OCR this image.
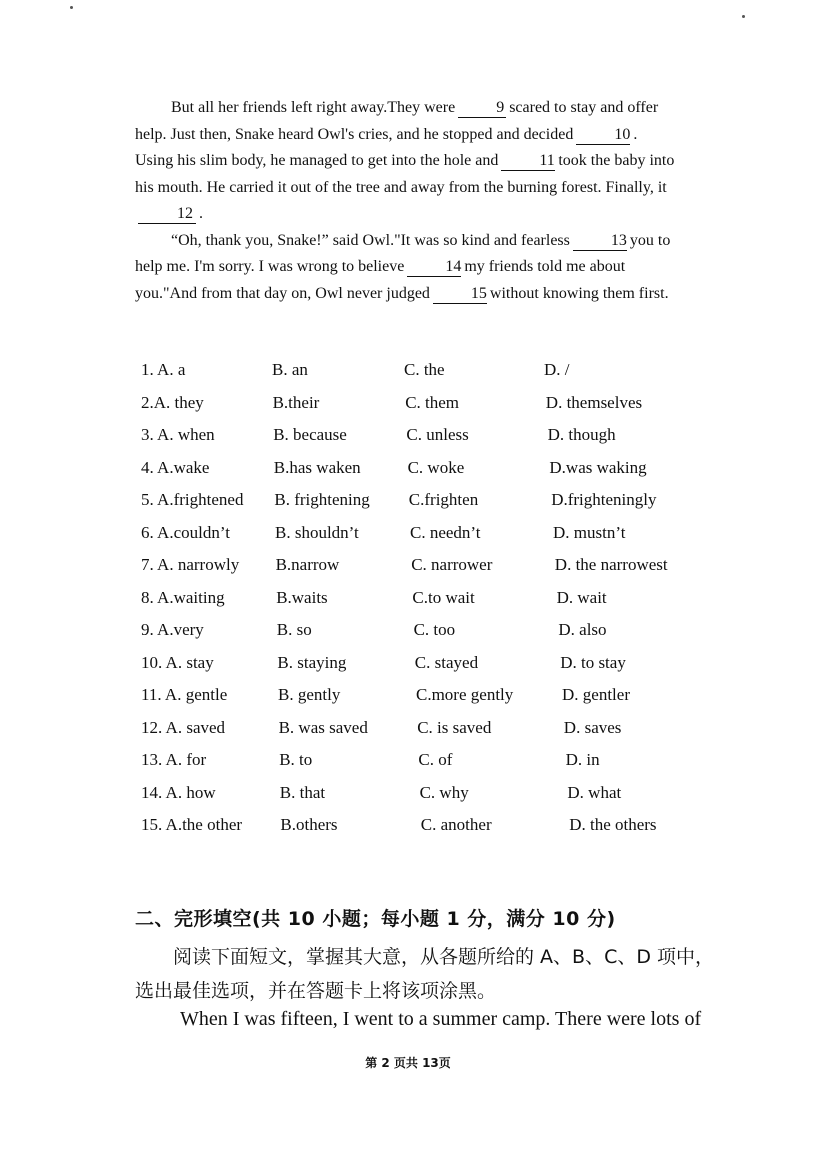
But all her friends left right away.They were	9 scared to stay and offer help. Just then, Snake heard Owl's cries, and he stopped and decided	10 . Using his slim body, he managed to get into the hole and	11 took the baby into his mouth. He carried it out of the tree and away from the burning forest. Finally, it12 .

“Oh, thank you, Snake!” said Owl."It was so kind and fearless	13 you to help me. I'm sorry. I was wrong to believe	14 my friends told me about you."And from that day on, Owl never judged	15 without knowing them first.

1. A. a	B. an	C. the	D. /
2.A. they	B.their	C. them	D. themselves
3. A. when	B. because	C. unless	D. though
4. A.wake	B.has waken	C. woke	D.was waking
5. A.frightened B. frightening C.frighten	D.frighteningly
6. A.couldn’t	B. shouldn’t	C. needn’t	D. mustn’t
7. A. narrowly B.narrow	C. narrower	D. the narrowest
8. A.waiting	B.waits	C.to wait	D. wait
9. A.very	B. so	C. too	D. also
10. A. stay	B. staying	C. stayed	D. to stay
11. A. gentle	B. gently	C.more gently	D. gentler
12. A. saved	B. was saved	C. is saved	D. saves
13. A. for	B. to	C. of	D. in
14. A. how	B. that	C. why	D. what
15. A.the other B.others	C. another	D. the others
二、完形填空(共 10 小题；每小题 1 分，满分 10 分)
阅读下面短文，掌握其大意，从各题所给的 A、B、C、D 项中，
选出最佳选项，并在答题卡上将该项涂黑。
When I was fifteen, I went to a summer camp. There were lots of
第 2 页共 13页
